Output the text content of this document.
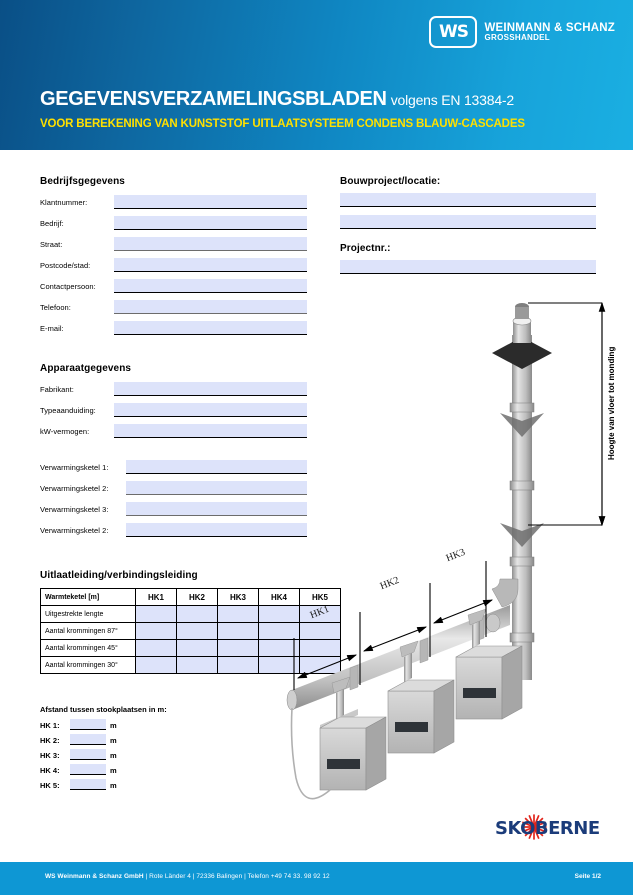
WS	WEINMANN & SCHANZ
GROSSHANDEL
GEGEVENSVERZAMELINGSBLADEN volgens EN 13384-2
VOOR BEREKENING VAN KUNSTSTOF UITLAATSYSTEEM CONDENS BLAUW-CASCADES
Bedrijfsgegevens
Klantnummer:
Bedrijf:
Straat:
Postcode/stad:
Contactpersoon:
Telefoon:
E-mail:
Bouwproject/locatie:
Projectnr.:
Apparaatgegevens
Fabrikant:
Typeaanduiding:
kW-vermogen:
Verwarmingsketel 1:
Verwarmingsketel 2:
Verwarmingsketel 3:
Verwarmingsketel 2:
Uitlaatleiding/verbindingsleiding
Warmteketel [m]	HK1	HK2	HK3	HK4	HK5
Uitgestrekte lengte					
Aantal krommingen 87°					
Aantal krommingen 45°					
Aantal krommingen 30°					
Afstand tussen stookplaatsen in m:
HK 1:	m
HK 2:	m
HK 3:	m
HK 4:	m
HK 5:	m
HK1
HK2
HK3
Hoogte van vloer tot monding
SKOBERNE
WS Weinmann & Schanz GmbH | Rote Länder 4 | 72336 Balingen | Telefon +49 74 33. 98 92 12	Seite 1/2
